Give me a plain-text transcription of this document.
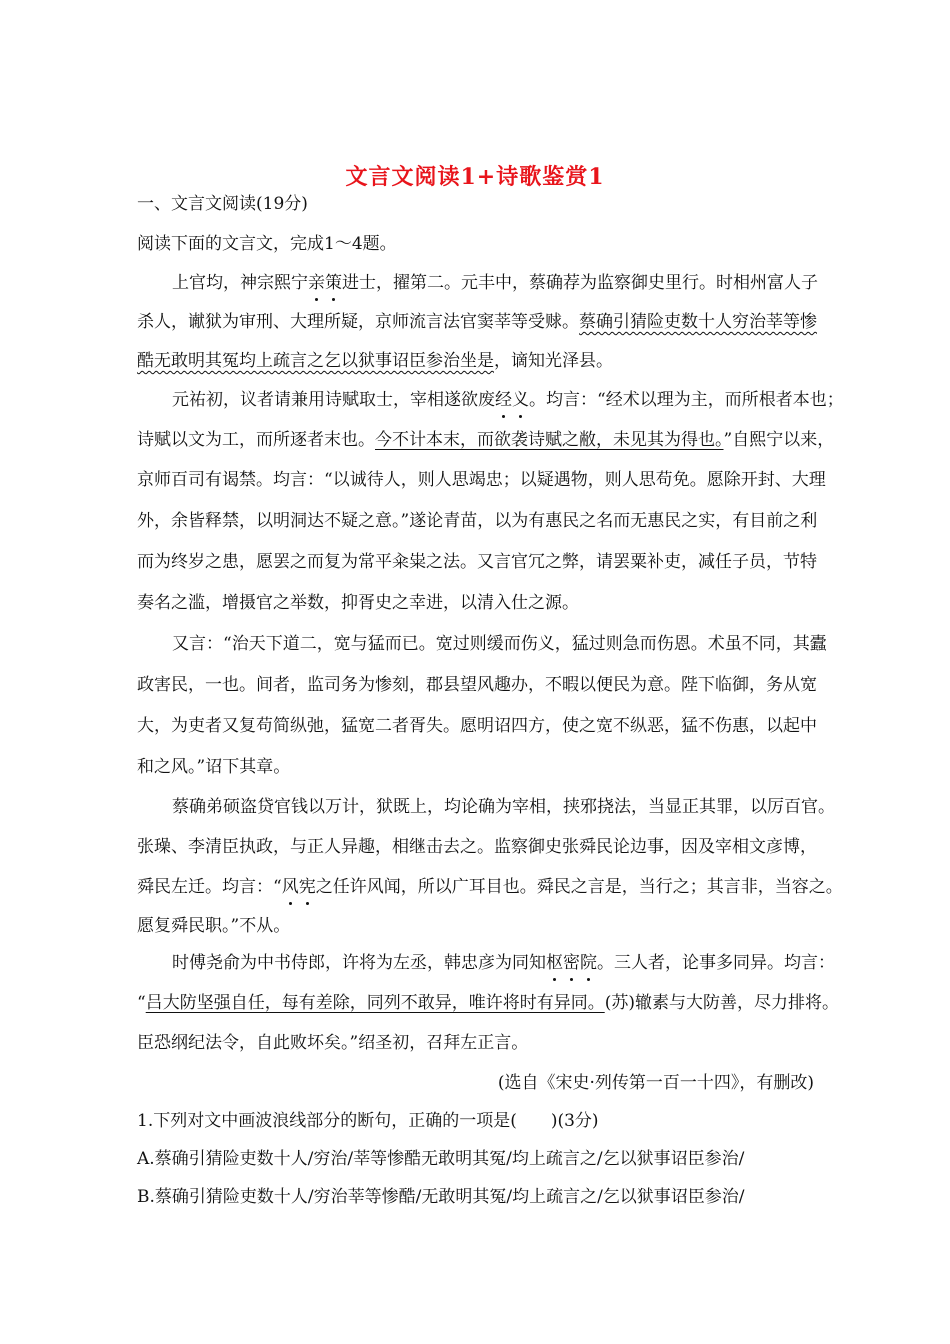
文言文阅读1+诗歌鉴赏1
一、文言文阅读(19分)
阅读下面的文言文，完成1～4题。
上官均，神宗熙宁亲策进士，擢第二。元丰中，蔡确荐为监察御史里行。时相州富人子
杀人，谳狱为审刑、大理所疑，京师流言法官窦莘等受赇。蔡确引猜险吏数十人穷治莘等惨
酷无敢明其冤均上疏言之乞以狱事诏臣参治坐是，谪知光泽县。
元祐初，议者请兼用诗赋取士，宰相遂欲废经义。均言：“经术以理为主，而所根者本也；
诗赋以文为工，而所逐者末也。今不计本末，而欲袭诗赋之敝，未见其为得也。”自熙宁以来，
京师百司有谒禁。均言：“以诚待人，则人思竭忠；以疑遇物，则人思苟免。愿除开封、大理
外，余皆释禁，以明洞达不疑之意。”遂论青苗，以为有惠民之名而无惠民之实，有目前之利
而为终岁之患，愿罢之而复为常平籴粜之法。又言官冗之弊，请罢粟补吏，减任子员，节特
奏名之滥，增摄官之举数，抑胥史之幸进，以清入仕之源。
又言：“治天下道二，宽与猛而已。宽过则缓而伤义，猛过则急而伤恩。术虽不同，其蠹
政害民，一也。间者，监司务为惨刻，郡县望风趣办，不暇以便民为意。陛下临御，务从宽
大，为吏者又复苟简纵弛，猛宽二者胥失。愿明诏四方，使之宽不纵恶，猛不伤惠，以起中
和之风。”诏下其章。
蔡确弟硕盗贷官钱以万计，狱既上，均论确为宰相，挟邪挠法，当显正其罪，以厉百官。
张璪、李清臣执政，与正人异趣，相继击去之。监察御史张舜民论边事，因及宰相文彦博，
舜民左迁。均言：“风宪之任许风闻，所以广耳目也。舜民之言是，当行之；其言非，当容之。
愿复舜民职。”不从。
时傅尧俞为中书侍郎，许将为左丞，韩忠彦为同知枢密院。三人者，论事多同异。均言：
“吕大防坚强自任，每有差除，同列不敢异，唯许将时有异同。(苏)辙素与大防善，尽力排将。
臣恐纲纪法令，自此败坏矣。”绍圣初，召拜左正言。
(选自《宋史·列传第一百一十四》，有删改)
1.下列对文中画波浪线部分的断句，正确的一项是(　　)(3分)
A.蔡确引猜险吏数十人/穷治/莘等惨酷无敢明其冤/均上疏言之/乞以狱事诏臣参治/
B.蔡确引猜险吏数十人/穷治莘等惨酷/无敢明其冤/均上疏言之/乞以狱事诏臣参治/
